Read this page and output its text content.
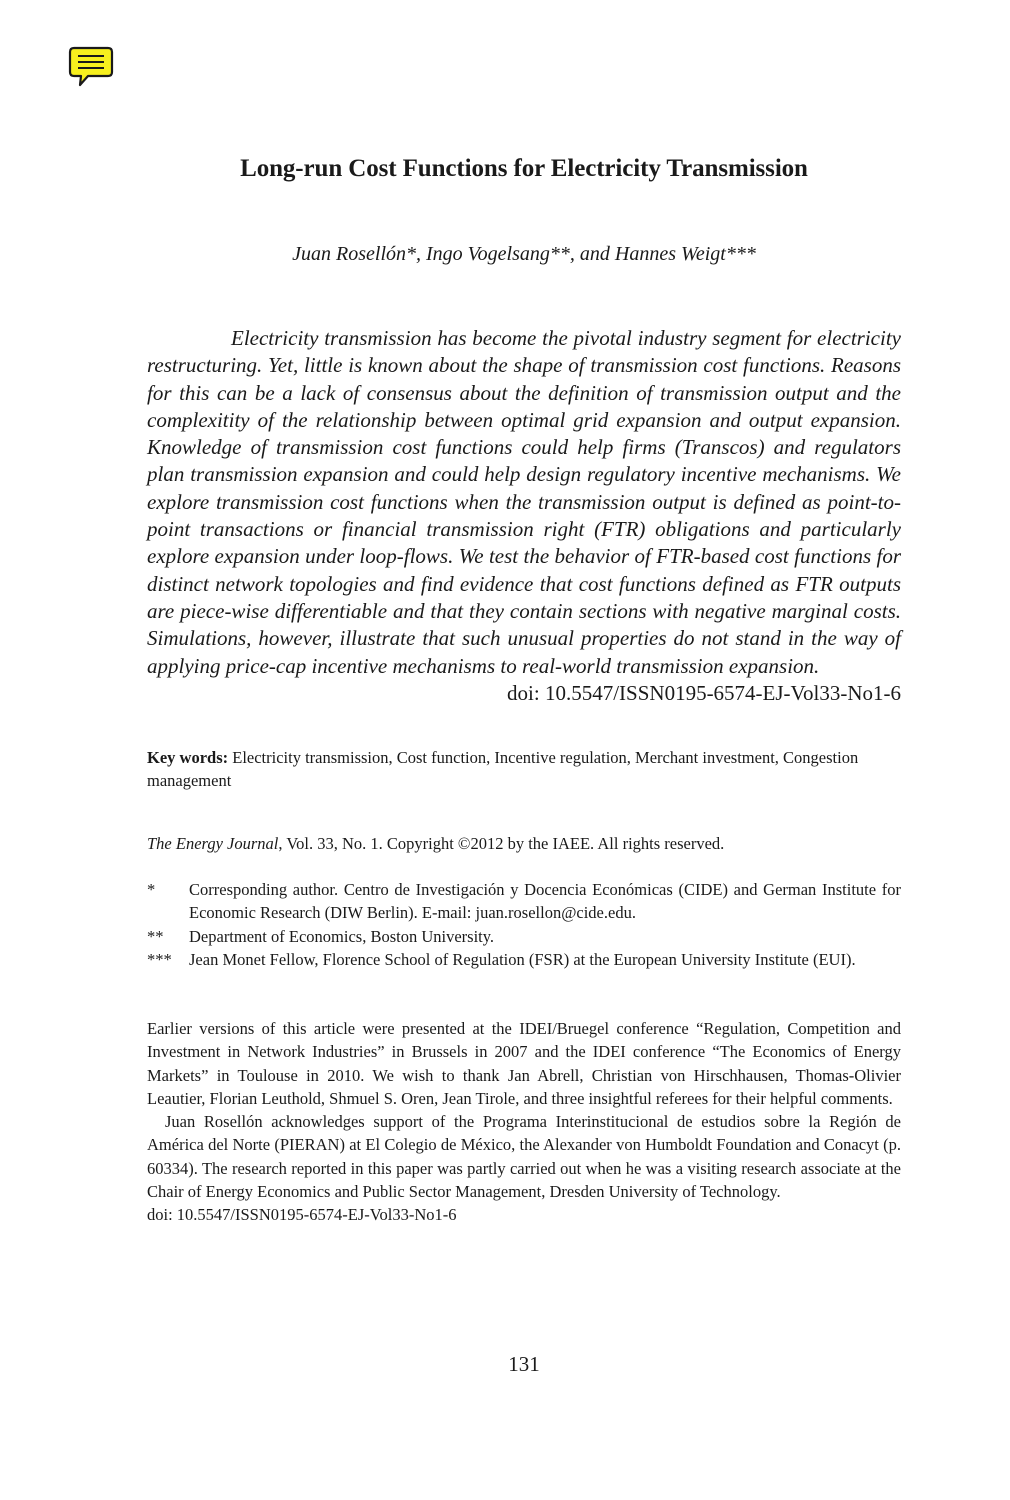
Long-run Cost Functions for Electricity Transmission
Juan Rosellón*, Ingo Vogelsang**, and Hannes Weigt***
Electricity transmission has become the pivotal industry segment for electricity restructuring. Yet, little is known about the shape of transmission cost functions. Reasons for this can be a lack of consensus about the definition of transmission output and the complexitity of the relationship between optimal grid expansion and output expansion. Knowledge of transmission cost functions could help firms (Transcos) and regulators plan transmission expansion and could help design regulatory incentive mechanisms. We explore transmission cost functions when the transmission output is defined as point-to-point transactions or financial transmission right (FTR) obligations and particularly explore expansion under loop-flows. We test the behavior of FTR-based cost functions for distinct network topologies and find evidence that cost functions defined as FTR outputs are piece-wise differentiable and that they contain sections with negative marginal costs. Simulations, however, illustrate that such unusual properties do not stand in the way of applying price-cap incentive mechanisms to real-world transmission expansion.
doi: 10.5547/ISSN0195-6574-EJ-Vol33-No1-6
Key words: Electricity transmission, Cost function, Incentive regulation, Merchant investment, Congestion management
The Energy Journal, Vol. 33, No. 1. Copyright ©2012 by the IAEE. All rights reserved.
*	Corresponding author. Centro de Investigación y Docencia Económicas (CIDE) and German Institute for Economic Research (DIW Berlin). E-mail: juan.rosellon@cide.edu.
**	Department of Economics, Boston University.
***	Jean Monet Fellow, Florence School of Regulation (FSR) at the European University Institute (EUI).

Earlier versions of this article were presented at the IDEI/Bruegel conference “Regulation, Competition and Investment in Network Industries” in Brussels in 2007 and the IDEI conference “The Economics of Energy Markets” in Toulouse in 2010. We wish to thank Jan Abrell, Christian von Hirschhausen, Thomas-Olivier Leautier, Florian Leuthold, Shmuel S. Oren, Jean Tirole, and three insightful referees for their helpful comments.

Juan Rosellón acknowledges support of the Programa Interinstitucional de estudios sobre la Región de América del Norte (PIERAN) at El Colegio de México, the Alexander von Humboldt Foundation and Conacyt (p. 60334). The research reported in this paper was partly carried out when he was a visiting research associate at the Chair of Energy Economics and Public Sector Management, Dresden University of Technology.

doi: 10.5547/ISSN0195-6574-EJ-Vol33-No1-6

131
